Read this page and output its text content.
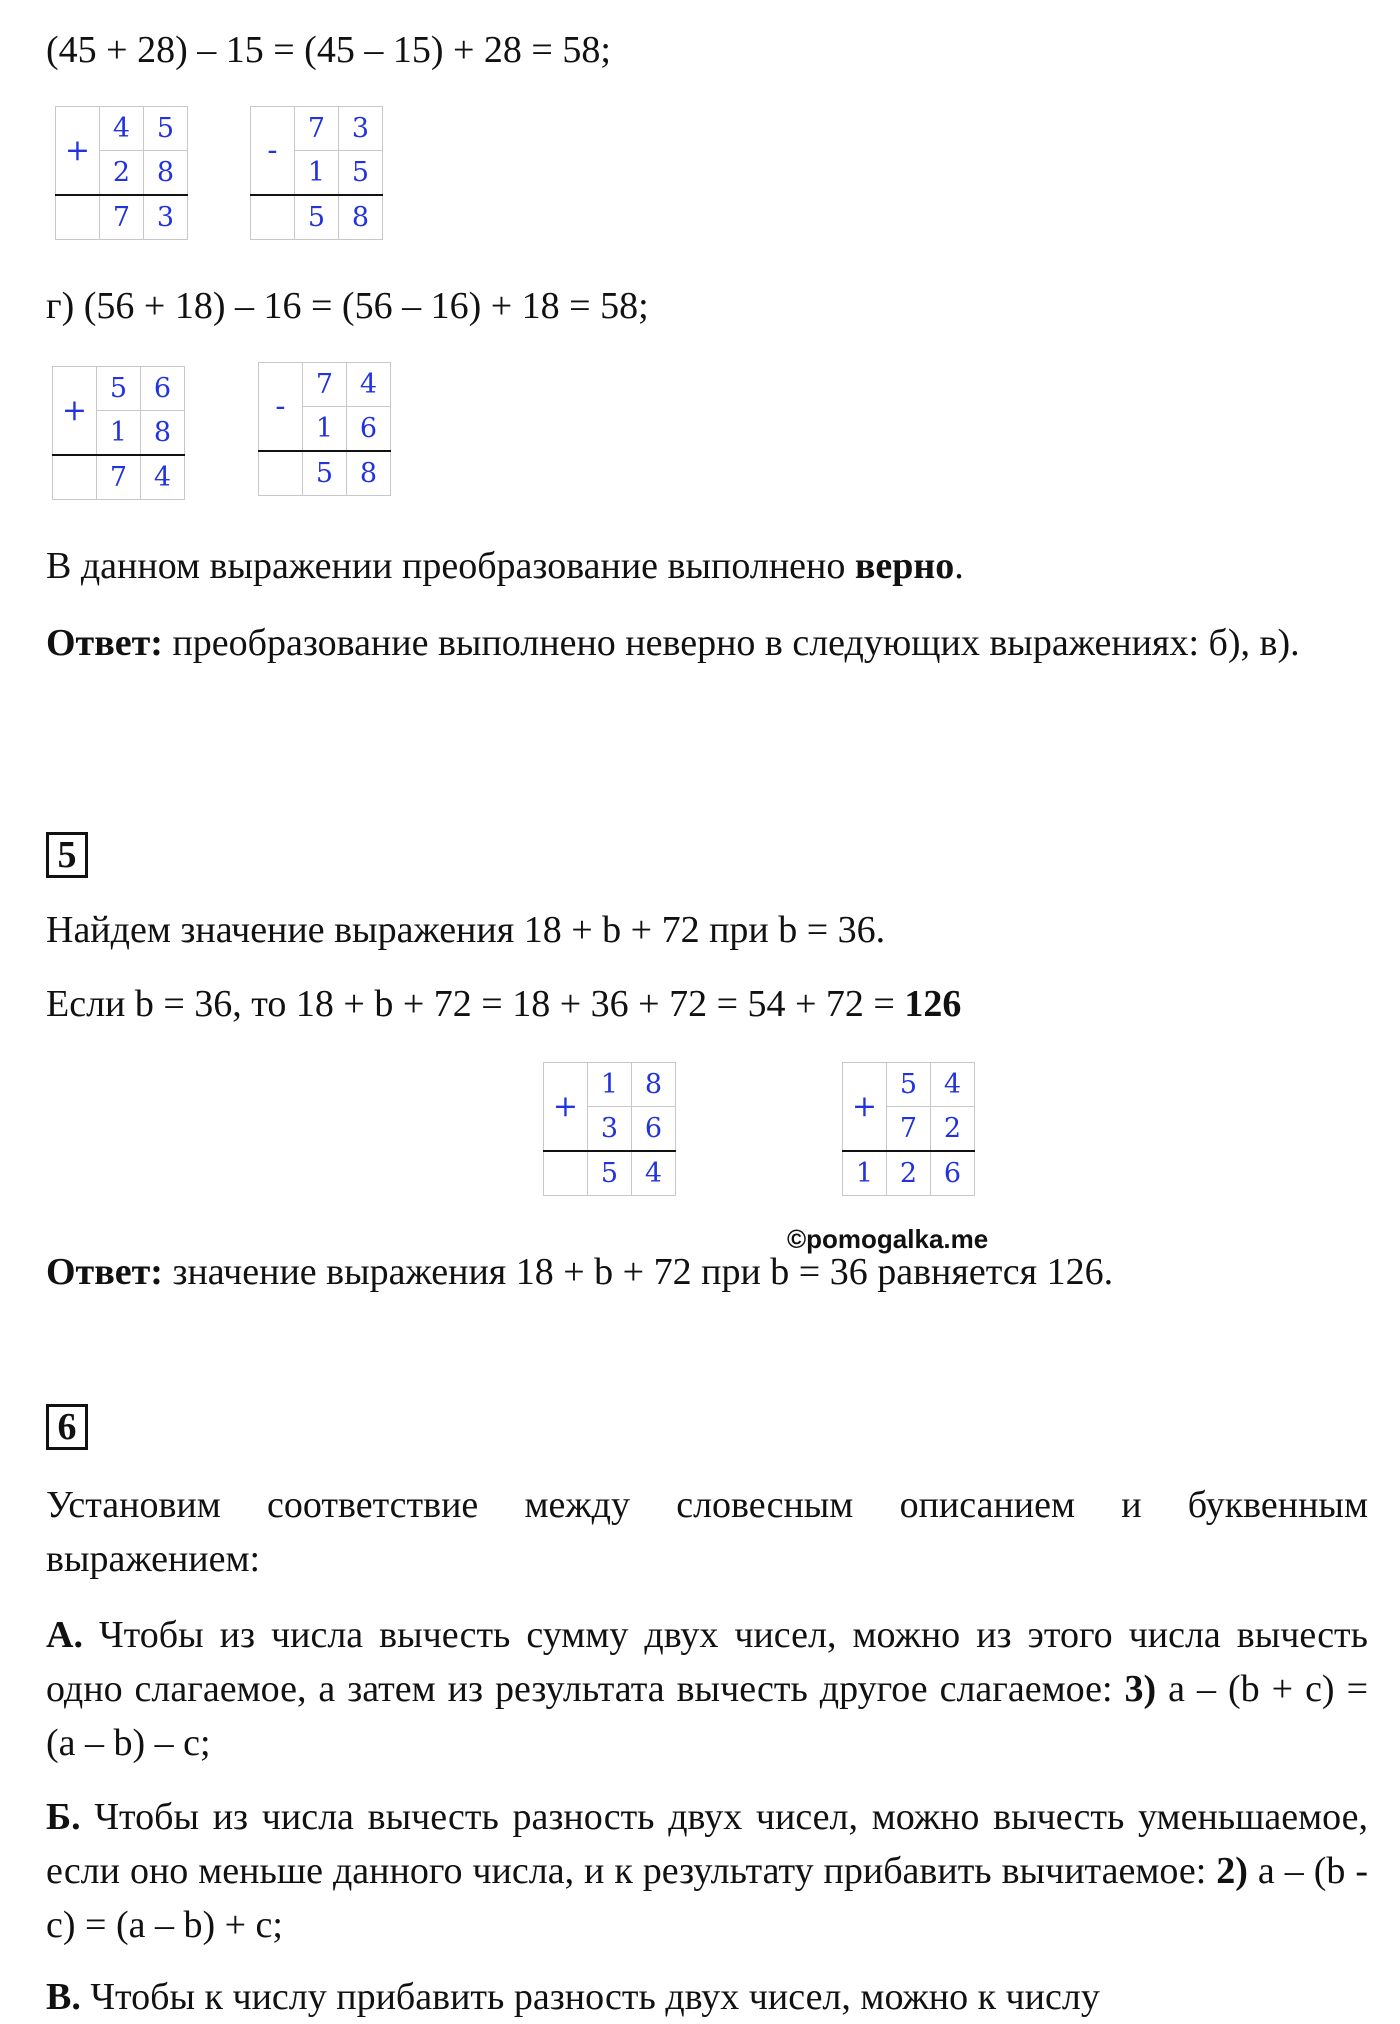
(45 + 28) – 15 = (45 – 15) + 28 = 58;

+	4	5
	2	8
	7	3
-	7	3
	1	5
	5	8

г) (56 + 18) – 16 = (56 – 16) + 18 = 58;

+	5	6
	1	8
	7	4
-	7	4
	1	6
	5	8

В данном выражении преобразование выполнено верно.

Ответ: преобразование выполнено неверно в следующих выражениях: б), в).

5

Найдем значение выражения 18 + b + 72 при b = 36.

Если b = 36, то 18 + b + 72 = 18 + 36 + 72 = 54 + 72 = 126

+	1	8
	3	6
	5	4
+	5	4
	7	2
1	2	6
©pomogalka.me

Ответ: значение выражения 18 + b + 72 при b = 36 равняется 126.

6

Установим соответствие между словесным описанием и буквенным выражением:

А. Чтобы из числа вычесть сумму двух чисел, можно из этого числа вычесть одно слагаемое, а затем из результата вычесть другое слагаемое: 3) a – (b + c) = (a – b) – c;

Б. Чтобы из числа вычесть разность двух чисел, можно вычесть уменьшаемое, если оно меньше данного числа, и к результату прибавить вычитаемое: 2) a – (b - c) = (a – b) + c;

В. Чтобы к числу прибавить разность двух чисел, можно к числу
